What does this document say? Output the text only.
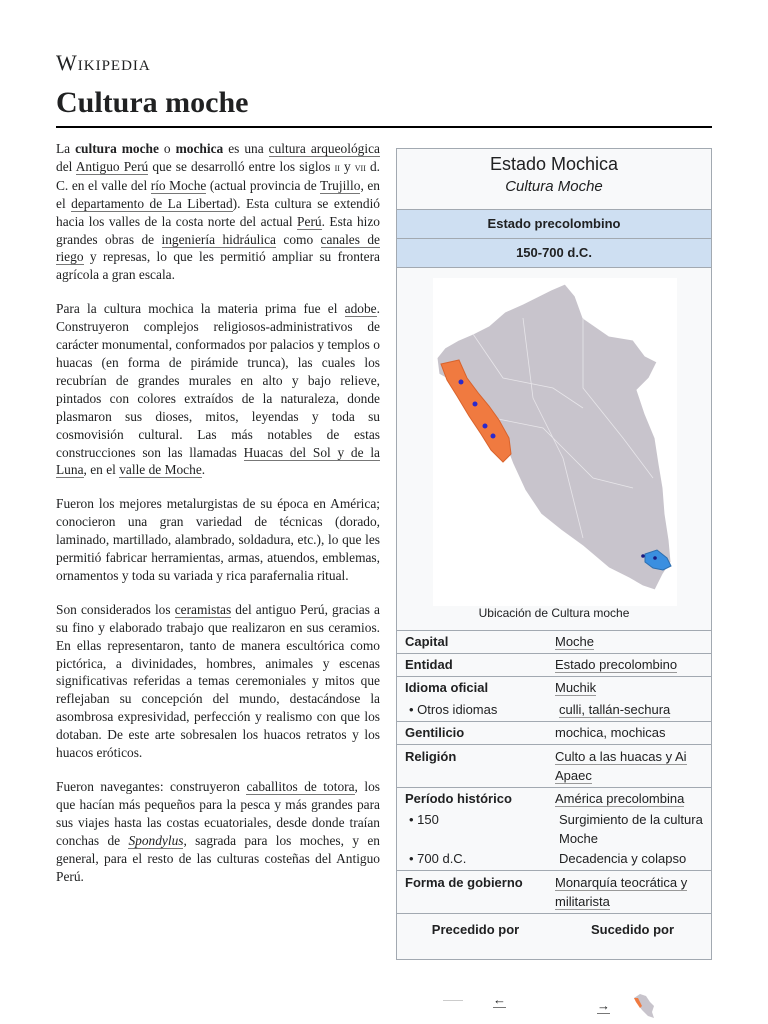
Wikipedia
Cultura moche

La cultura moche o mochica es una cultura arqueológica del Antiguo Perú que se desarrolló entre los siglos ii y vii d. C. en el valle del río Moche (actual provincia de Trujillo, en el departamento de La Libertad). Esta cultura se extendió hacia los valles de la costa norte del actual Perú. Esta hizo grandes obras de ingeniería hidráulica como canales de riego y represas, lo que les permitió ampliar su frontera agrícola a gran escala.

Para la cultura mochica la materia prima fue el adobe. Construyeron complejos religiosos-administrativos de carácter monumental, conformados por palacios y templos o huacas (en forma de pirámide trunca), las cuales los recubrían de grandes murales en alto y bajo relieve, pintados con colores extraídos de la naturaleza, donde plasmaron sus dioses, mitos, leyendas y toda su cosmovisión cultural. Las más notables de estas construcciones son las llamadas Huacas del Sol y de la Luna, en el valle de Moche.

Fueron los mejores metalurgistas de su época en América; conocieron una gran variedad de técnicas (dorado, laminado, martillado, alambrado, soldadura, etc.), lo que les permitió fabricar herramientas, armas, atuendos, emblemas, ornamentos y toda su variada y rica parafernalia ritual.

Son considerados los ceramistas del antiguo Perú, gracias a su fino y elaborado trabajo que realizaron en sus ceramios. En ellas representaron, tanto de manera escultórica como pictórica, a divinidades, hombres, animales y escenas significativas referidas a temas ceremoniales y mitos que reflejaban su concepción del mundo, destacándose la asombrosa expresividad, perfección y realismo con que los dotaban. De este arte sobresalen los huacos retratos y los huacos eróticos.

Fueron navegantes: construyeron caballitos de totora, los que hacían más pequeños para la pesca y más grandes para sus viajes hasta las costas ecuatoriales, desde donde traían conchas de Spondylus, sagrada para los moches, y en general, para el resto de las culturas costeñas del Antiguo Perú.

Estado Mochica
Cultura Moche
Estado precolombino
150-700 d.C.
Ubicación de Cultura moche
Capital	Moche
Entidad	Estado precolombino
Idioma oficial	Muchik
• Otros idiomas	culli, tallán-sechura
Gentilicio	mochica, mochicas
Religión	Culto a las huacas y Ai Apaec
Período histórico	América precolombina
• 150	Surgimiento de la cultura Moche
• 700 d.C.	Decadencia y colapso
Forma de gobierno	Monarquía teocrática y militarista
Precedido por	Sucedido por
←	→
